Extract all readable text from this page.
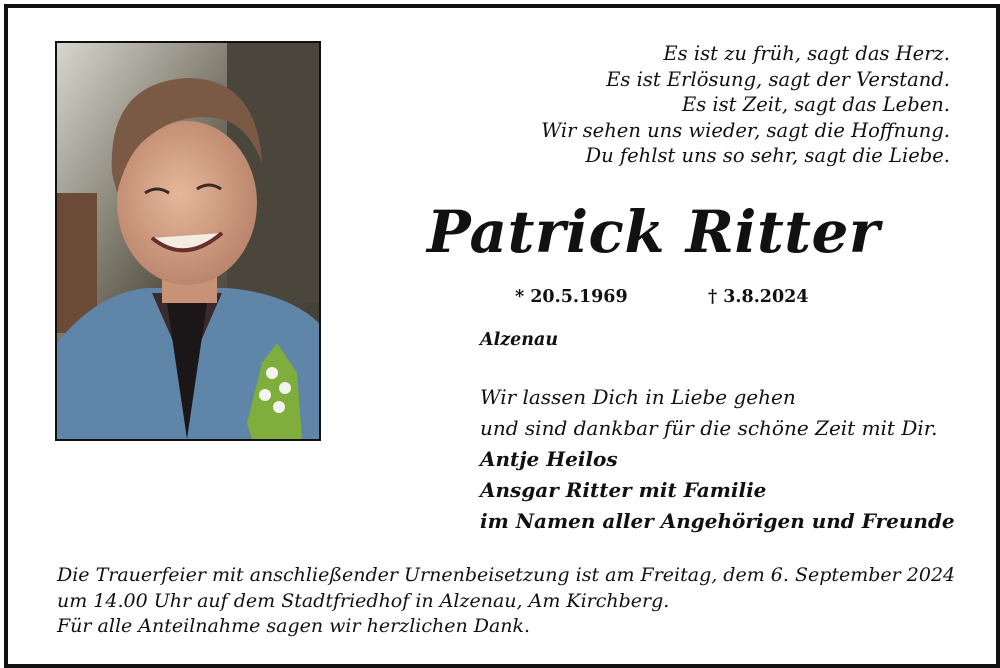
Es ist zu früh, sagt das Herz.
Es ist Erlösung, sagt der Verstand.
Es ist Zeit, sagt das Leben.
Wir sehen uns wieder, sagt die Hoffnung.
Du fehlst uns so sehr, sagt die Liebe.
Patrick Ritter
* 20.5.1969	† 3.8.2024
Alzenau
Wir lassen Dich in Liebe gehen
und sind dankbar für die schöne Zeit mit Dir.
Antje Heilos
Ansgar Ritter mit Familie
im Namen aller Angehörigen und Freunde
Die Trauerfeier mit anschließender Urnenbeisetzung ist am Freitag, dem 6. September 2024
um 14.00 Uhr auf dem Stadtfriedhof in Alzenau, Am Kirchberg.
Für alle Anteilnahme sagen wir herzlichen Dank.
